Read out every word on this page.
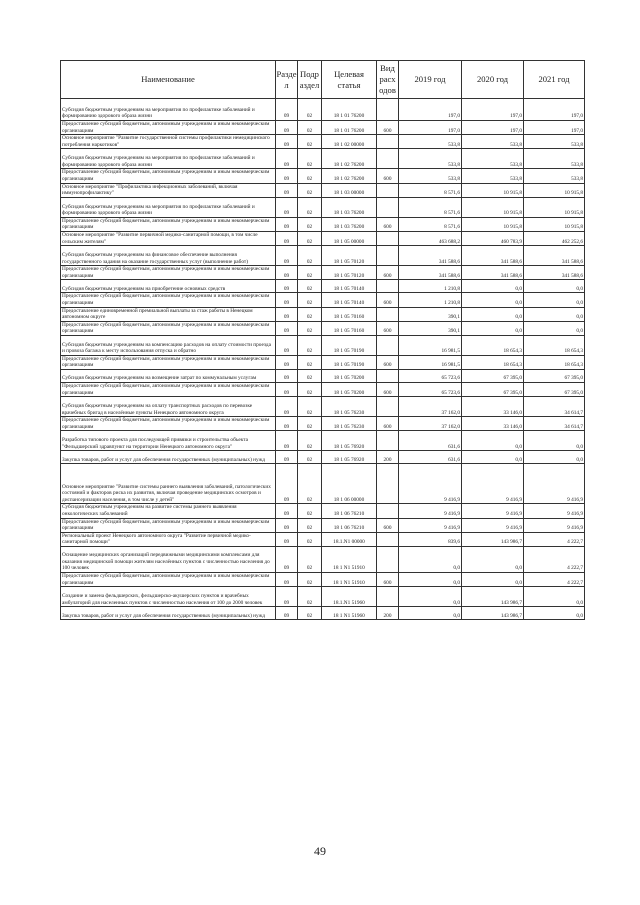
Наименование	Разде л	Подр аздел	Целевая статья	Вид расх одов	2019 год	2020 год	2021 год
Субсидия бюджетным учреждениям на мероприятия по профилактике заболеваний и формированию здорового образа жизни	09	02	18 1 01 76200		197,0	197,0	197,0
Предоставление субсидий бюджетным, автономным учреждениям и иным некоммерческим организациям	09	02	18 1 01 76200	600	197,0	197,0	197,0
Основное мероприятие "Развитие государственной системы профилактики немедицинского потребления наркотиков"	09	02	18 1 02 00000		533,8	533,8	533,8
Субсидия бюджетным учреждениям на мероприятия по профилактике заболеваний и формированию здорового образа жизни	09	02	18 1 02 76200		533,8	533,8	533,8
Предоставление субсидий бюджетным, автономным учреждениям и иным некоммерческим организациям	09	02	18 1 02 76200	600	533,8	533,8	533,8
Основное мероприятие "Профилактика инфекционных заболеваний, включая иммунопрофилактику"	09	02	18 1 03 00000		8 571,6	10 915,8	10 915,8
Субсидия бюджетным учреждениям на мероприятия по профилактике заболеваний и формированию здорового образа жизни	09	02	18 1 03 76200		8 571,6	10 915,8	10 915,8
Предоставление субсидий бюджетным, автономным учреждениям и иным некоммерческим организациям	09	02	18 1 03 76200	600	8 571,6	10 915,8	10 915,8
Основное мероприятие "Развитие первичной медико-санитарной помощи, в том числе сельским жителям"	09	02	18 1 05 00000		463 688,2	460 783,9	462 252,6
Субсидия бюджетным учреждениям на финансовое обеспечение выполнения государственного задания на оказание государственных услуг (выполнение работ)	09	02	18 1 05 70120		341 588,6	341 588,6	341 588,6
Предоставление субсидий бюджетным, автономным учреждениям и иным некоммерческим организациям	09	02	18 1 05 70120	600	341 588,6	341 588,6	341 588,6
Субсидия бюджетным учреждениям на приобретение основных средств	09	02	18 1 05 70140		1 210,8	0,0	0,0
Предоставление субсидий бюджетным, автономным учреждениям и иным некоммерческим организациям	09	02	18 1 05 70140	600	1 210,8	0,0	0,0
Предоставление единовременной премиальной выплаты за стаж работы в Ненецком автономном округе	09	02	18 1 05 70160		390,1	0,0	0,0
Предоставление субсидий бюджетным, автономным учреждениям и иным некоммерческим организациям	09	02	18 1 05 70160	600	390,1	0,0	0,0
Субсидия бюджетным учреждениям на компенсацию расходов на оплату стоимости проезда и провоза багажа к месту использования отпуска и обратно	09	02	18 1 05 70190		16 981,5	18 654,3	18 654,3
Предоставление субсидий бюджетным, автономным учреждениям и иным некоммерческим организациям	09	02	18 1 05 70190	600	16 981,5	18 654,3	18 654,3
Субсидия бюджетным учреждениям на возмещение затрат по коммунальным услугам	09	02	18 1 05 70200		65 723,6	67 395,0	67 395,0
Предоставление субсидий бюджетным, автономным учреждениям и иным некоммерческим организациям	09	02	18 1 05 70200	600	65 723,6	67 395,0	67 395,0
Субсидия бюджетным учреждениям на оплату транспортных расходов по перевозке врачебных бригад в населённые пункты Ненецкого автономного округа	09	02	18 1 05 76230		37 162,0	33 146,0	34 614,7
Предоставление субсидий бюджетным, автономным учреждениям и иным некоммерческим организациям	09	02	18 1 05 76230	600	37 162,0	33 146,0	34 614,7
Разработка типового проекта для последующей привязки и строительства объекта "Фельдшерский здравпункт на территории Ненецкого автономного округа"	09	02	18 1 05 76920		631,6	0,0	0,0
Закупка товаров, работ и услуг для обеспечения государственных (муниципальных) нужд	09	02	18 1 05 76920	200	631,6	0,0	0,0
Основное мероприятие "Развитие системы раннего выявления заболеваний, патологических состояний и факторов риска их развития, включая проведение медицинских осмотров и диспансеризации населения, в том числе у детей"	09	02	18 1 06 00000		9 416,9	9 416,9	9 416,9
Субсидия бюджетным учреждениям на развитие системы раннего выявления онкологических заболеваний	09	02	18 1 06 76210		9 416,9	9 416,9	9 416,9
Предоставление субсидий бюджетным, автономным учреждениям и иным некоммерческим организациям	09	02	18 1 06 76210	600	9 416,9	9 416,9	9 416,9
Региональный проект Ненецкого автономного округа "Развитие первичной медико-санитарной помощи"	09	02	18.1.N1 00000		839,6	143 986,7	4 222,7
Оснащение медицинских организаций передвижными медицинскими комплексами для оказания медицинской помощи жителям населённых пунктов с численностью населения до 100 человек	09	02	18 1 N1 51910		0,0	0,0	4 222,7
Предоставление субсидий бюджетным, автономным учреждениям и иным некоммерческим организациям	09	02	18 1 N1 51910	600	0,0	0,0	4 222,7
Создание и замена фельдшерских, фельдшерско-акушерских пунктов и врачебных амбулаторий для населенных пунктов с численностью населения от 100 до 2000 человек	09	02	18.1.N1 51960		0,0	143 986,7	0,0
Закупка товаров, работ и услуг для обеспечения государственных (муниципальных) нужд	09	02	18 1 N1 51960	200	0,0	143 986,7	0,0
49
